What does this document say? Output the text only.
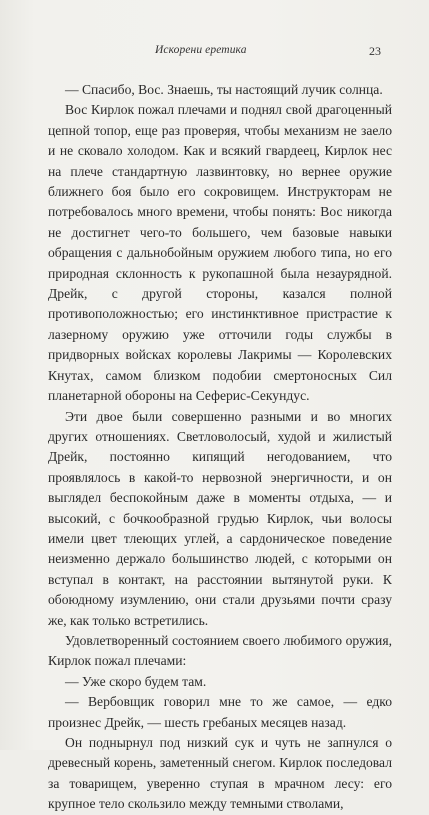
Искорени еретика	23

— Спасибо, Вос. Знаешь, ты настоящий лучик солнца.

Вос Кирлок пожал плечами и поднял свой драгоценный цепной топор, еще раз проверяя, чтобы механизм не заело и не сковало холодом. Как и всякий гвардеец, Кирлок нес на плече стандартную лазвинтовку, но вернее оружие ближнего боя было его сокровищем. Инструкторам не потребовалось много времени, чтобы понять: Вос никогда не достигнет чего-то большего, чем базовые навыки обращения с дальнобойным оружием любого типа, но его природная склонность к рукопашной была незаурядной. Дрейк, с другой стороны, казался полной противоположностью; его инстинктивное пристрастие к лазерному оружию уже отточили годы службы в придворных войсках королевы Лакримы — Королевских Кнутах, самом близком подобии смертоносных Сил планетарной обороны на Сеферис-Секундус.

Эти двое были совершенно разными и во многих других отношениях. Светловолосый, худой и жилистый Дрейк, постоянно кипящий негодованием, что проявлялось в какой-то нервозной энергичности, и он выглядел беспокойным даже в моменты отдыха, — и высокий, с бочкообразной грудью Кирлок, чьи волосы имели цвет тлеющих углей, а сардоническое поведение неизменно держало большинство людей, с которыми он вступал в контакт, на расстоянии вытянутой руки. К обоюдному изумлению, они стали друзьями почти сразу же, как только встретились.

Удовлетворенный состоянием своего любимого оружия, Кирлок пожал плечами:

— Уже скоро будем там.

— Вербовщик говорил мне то же самое, — едко произнес Дрейк, — шесть гребаных месяцев назад.

Он поднырнул под низкий сук и чуть не запнулся о древесный корень, заметенный снегом. Кирлок последовал за товарищем, уверенно ступая в мрачном лесу: его крупное тело скользило между темными стволами,
